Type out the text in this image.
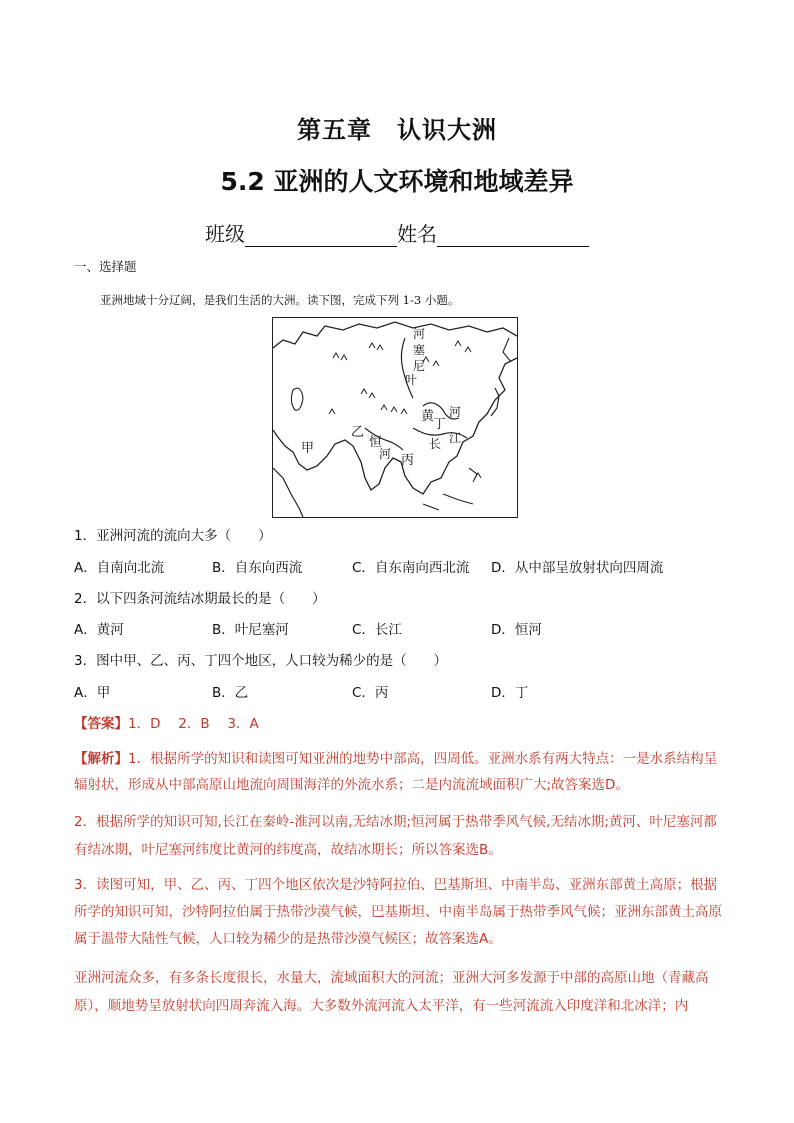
第五章　认识大洲
5.2 亚洲的人文环境和地域差异
班级	姓名
一、选择题
亚洲地域十分辽阔，是我们生活的大洲。读下图，完成下列 1-3 小题。
河
塞
尼
叶
黄 河
乙
恒
河
甲
丙
丁
长 江
1．亚洲河流的流向大多（　　）
A．自南向北流	B．自东向西流	C．自东南向西北流 D．从中部呈放射状向四周流
2．以下四条河流结冰期最长的是（　　）
A．黄河	B．叶尼塞河	C．长江	D．恒河
3．图中甲、乙、丙、丁四个地区，人口较为稀少的是（　　）
A．甲	B．乙	C．丙	D．丁
【答案】1．D　 2．B　 3．A
【解析】1．根据所学的知识和读图可知亚洲的地势中部高，四周低。亚洲水系有两大特点：一是水系结构呈辐射状，形成从中部高原山地流向周围海洋的外流水系；二是内流流域面积广大;故答案选D。
2．根据所学的知识可知,长江在秦岭-淮河以南,无结冰期;恒河属于热带季风气候,无结冰期;黄河、叶尼塞河都有结冰期，叶尼塞河纬度比黄河的纬度高，故结冰期长；所以答案选B。
3．读图可知，甲、乙、丙、丁四个地区依次是沙特阿拉伯、巴基斯坦、中南半岛、亚洲东部黄土高原；根据所学的知识可知，沙特阿拉伯属于热带沙漠气候，巴基斯坦、中南半岛属于热带季风气候；亚洲东部黄土高原属于温带大陆性气候，人口较为稀少的是热带沙漠气候区；故答案选A。
亚洲河流众多，有多条长度很长，水量大，流域面积大的河流；亚洲大河多发源于中部的高原山地（青藏高原），顺地势呈放射状向四周奔流入海。大多数外流河流入太平洋，有一些河流流入印度洋和北冰洋；内
